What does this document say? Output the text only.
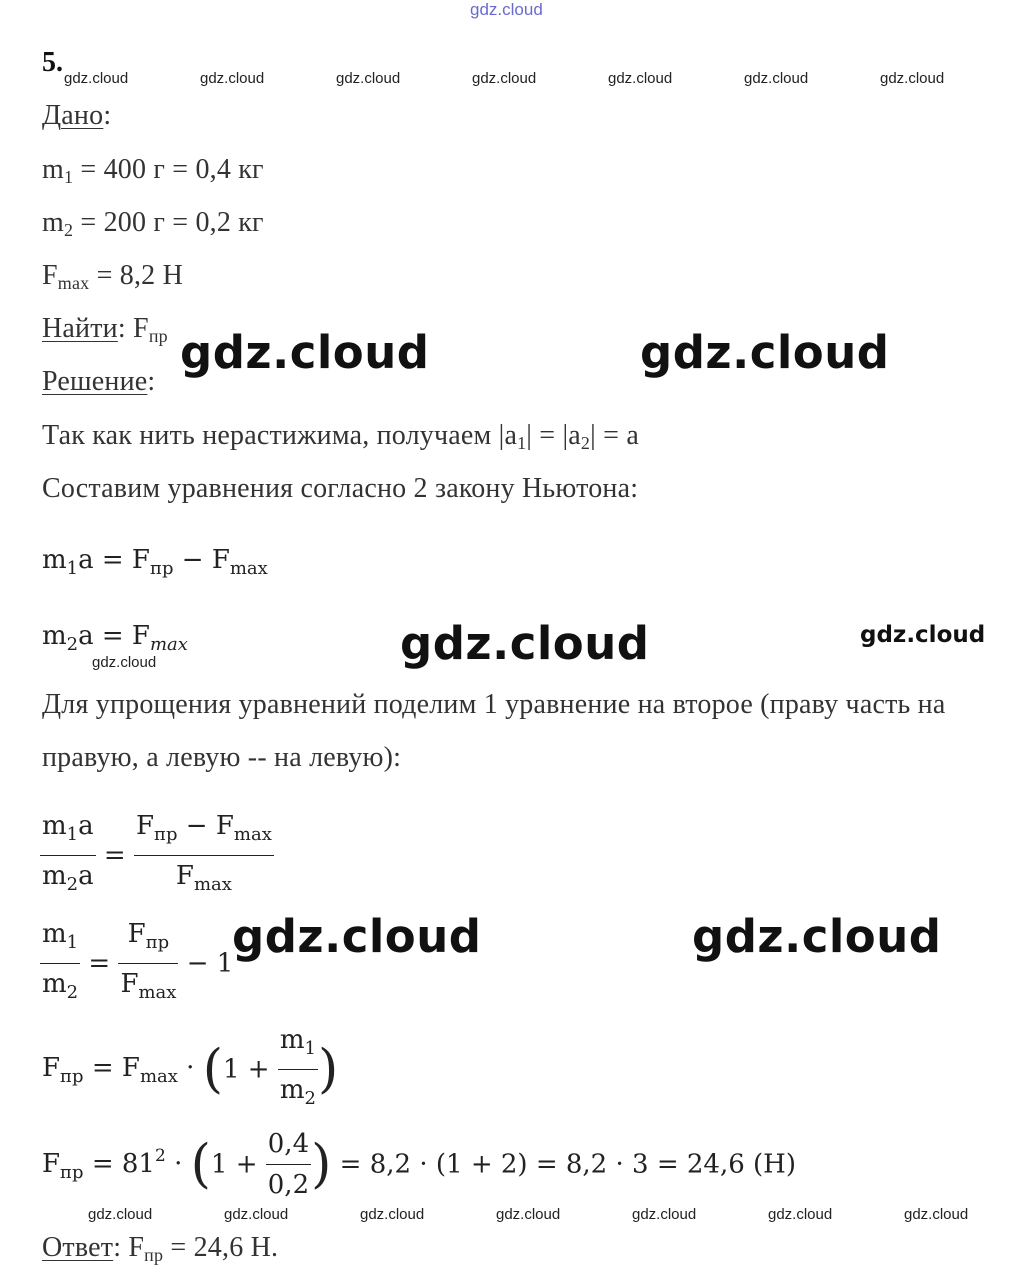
gdz.cloud
5.
gdz.cloud	gdz.cloud	gdz.cloud	gdz.cloud	gdz.cloud	gdz.cloud	gdz.cloud
Дано:
$m_1 = 400$ г = 0,4 кг
$m_2 = 200$ г = 0,2 кг
$F_{max} = 8,2$ Н
Найти: $F_{пр}$ gdz.cloud	gdz.cloud
Решение:
Так как нить нерастижима, получаем $|a_1| = |a_2| = a$
Составим уравнения согласно 2 закону Ньютона:
$m_1a = F_{пр} - F_{max}$
$m_2a = F_{max}$
gdz.cloud	gdz.cloud	gdz.cloud
Для упрощения уравнений поделим 1 уравнение на второе (праву часть на
правую, а левую -- на левую):
$\frac{m_1a}{m_2a} = \frac{F_{пр} - F_{max}}{F_{max}}$
$\frac{m_1}{m_2} = \frac{F_{пр}}{F_{max}} - 1$
gdz.cloud	gdz.cloud
$F_{пр} = F_{max} \cdot (1 + \frac{m_1}{m_2}$ )
$F_{пр} = 81^2 \cdot (1 + \frac{0,4}{0,2}$ ) = 8,2 · (1 + 2) = 8,2 · 3 = 24,6 (Н)
gdz.cloud	gdz.cloud	gdz.cloud	gdz.cloud	gdz.cloud	gdz.cloud	gdz.cloud
Ответ: $F_{пр} = 24,6$ Н.
